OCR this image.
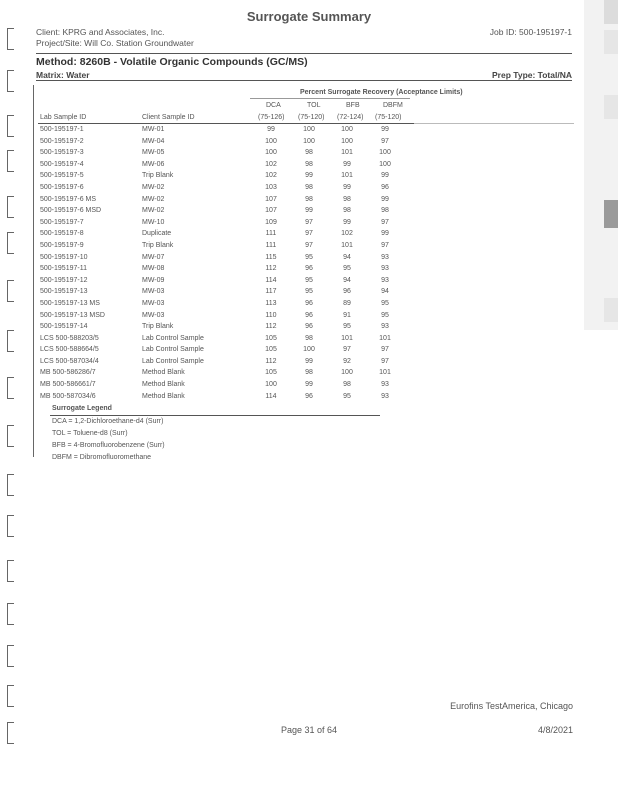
Surrogate Summary
Client: KPRG and Associates, Inc.
Project/Site: Will Co. Station Groundwater
Job ID: 500-195197-1
Method: 8260B - Volatile Organic Compounds (GC/MS)
Matrix: Water	Prep Type: Total/NA
Percent Surrogate Recovery (Acceptance Limits)
DCA	TOL	BFB	DBFM
Lab Sample ID	Client Sample ID	(75-126) (75-120) (72-124) (75-120)
500-195197-1	MW-01	99	100	100	99
500-195197-2	MW-04	100	100	100	97
500-195197-3	MW-05	100	98	101	100
500-195197-4	MW-06	102	98	99	100
500-195197-5	Trip Blank	102	99	101	99
500-195197-6	MW-02	103	98	99	96
500-195197-6 MS	MW-02	107	98	98	99
500-195197-6 MSD	MW-02	107	99	98	98
500-195197-7	MW-10	109	97	99	97
500-195197-8	Duplicate	111	97	102	99
500-195197-9	Trip Blank	111	97	101	97
500-195197-10	MW-07	115	95	94	93
500-195197-11	MW-08	112	96	95	93
500-195197-12	MW-09	114	95	94	93
500-195197-13	MW-03	117	95	96	94
500-195197-13 MS	MW-03	113	96	89	95
500-195197-13 MSD	MW-03	110	96	91	95
500-195197-14	Trip Blank	112	96	95	93
LCS 500-588203/5	Lab Control Sample	105	98	101	101
LCS 500-588664/5	Lab Control Sample	105	100	97	97
LCS 500-587034/4	Lab Control Sample	112	99	92	97
MB 500-586286/7	Method Blank	105	98	100	101
MB 500-586661/7	Method Blank	100	99	98	93
MB 500-587034/6	Method Blank	114	96	95	93
Surrogate Legend
DCA = 1,2-Dichloroethane-d4 (Surr)
TOL = Toluene-d8 (Surr)
BFB = 4-Bromofluorobenzene (Surr)
DBFM = Dibromofluoromethane
Eurofins TestAmerica, Chicago
Page 31 of 64	4/8/2021
